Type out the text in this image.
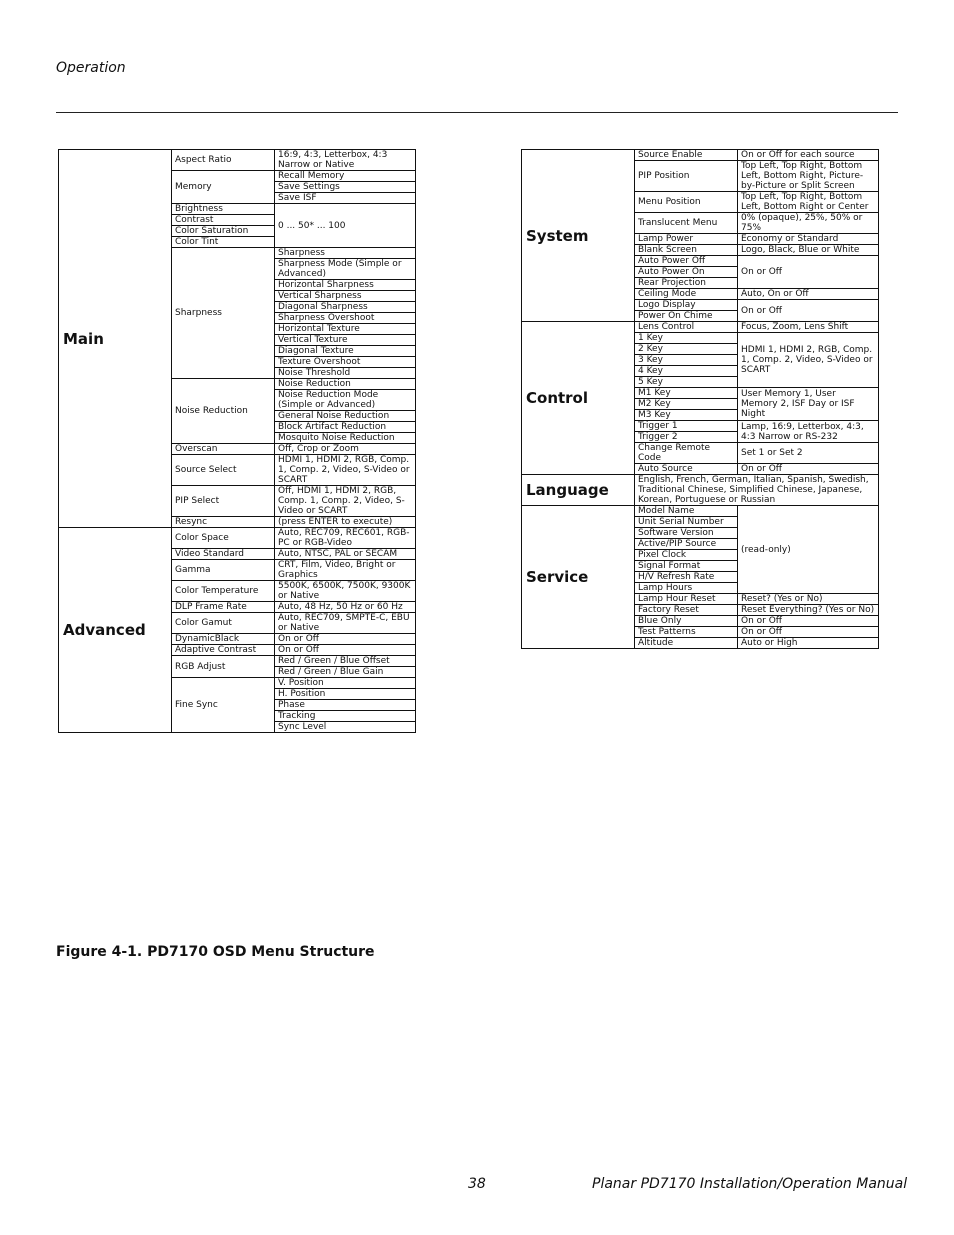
Operation
Main	Aspect Ratio	16:9, 4:3, Letterbox, 4:3 Narrow or Native
	Memory	Recall Memory
		Save Settings
		Save ISF
	Brightness	0 ... 50* ... 100
	Contrast	
	Color Saturation	
	Color Tint	
	Sharpness	Sharpness
		Sharpness Mode (Simple or Advanced)
		Horizontal Sharpness
		Vertical Sharpness
		Diagonal Sharpness
		Sharpness Overshoot
		Horizontal Texture
		Vertical Texture
		Diagonal Texture
		Texture Overshoot
		Noise Threshold
	Noise Reduction	Noise Reduction
		Noise Reduction Mode (Simple or Advanced)
		General Noise Reduction
		Block Artifact Reduction
		Mosquito Noise Reduction
	Overscan	Off, Crop or Zoom
	Source Select	HDMI 1, HDMI 2, RGB, Comp. 1, Comp. 2, Video, S-Video or SCART
	PIP Select	Off, HDMI 1, HDMI 2, RGB, Comp. 1, Comp. 2, Video, S-Video or SCART
	Resync	(press ENTER to execute)
Advanced	Color Space	Auto, REC709, REC601, RGB-PC or RGB-Video
	Video Standard	Auto, NTSC, PAL or SECAM
	Gamma	CRT, Film, Video, Bright or Graphics
	Color Temperature	5500K, 6500K, 7500K, 9300K or Native
	DLP Frame Rate	Auto, 48 Hz, 50 Hz or 60 Hz
	Color Gamut	Auto, REC709, SMPTE-C, EBU or Native
	DynamicBlack	On or Off
	Adaptive Contrast	On or Off
	RGB Adjust	Red / Green / Blue Offset
		Red / Green / Blue Gain
	Fine Sync	V. Position
		H. Position
		Phase
		Tracking
		Sync Level
System	Source Enable	On or Off for each source
	PIP Position	Top Left, Top Right, Bottom Left, Bottom Right, Picture-by-Picture or Split Screen
	Menu Position	Top Left, Top Right, Bottom Left, Bottom Right or Center
	Translucent Menu	0% (opaque), 25%, 50% or 75%
	Lamp Power	Economy or Standard
	Blank Screen	Logo, Black, Blue or White
	Auto Power Off	On or Off
	Auto Power On	
	Rear Projection	
	Ceiling Mode	Auto, On or Off
	Logo Display	On or Off
	Power On Chime	
Control	Lens Control	Focus, Zoom, Lens Shift
	1 Key	HDMI 1, HDMI 2, RGB, Comp. 1, Comp. 2, Video, S-Video or SCART
	2 Key	
	3 Key	
	4 Key	
	5 Key	
	M1 Key	User Memory 1, User Memory 2, ISF Day or ISF Night
	M2 Key	
	M3 Key	
	Trigger 1	Lamp, 16:9, Letterbox, 4:3, 4:3 Narrow or RS-232
	Trigger 2	
	Change Remote Code	Set 1 or Set 2
	Auto Source	On or Off
Language	English, French, German, Italian, Spanish, Swedish, Traditional Chinese, Simplified Chinese, Japanese, Korean, Portuguese or Russian	
Service	Model Name	(read-only)
	Unit Serial Number	
	Software Version	
	Active/PIP Source	
	Pixel Clock	
	Signal Format	
	H/V Refresh Rate	
	Lamp Hours	
	Lamp Hour Reset	Reset? (Yes or No)
	Factory Reset	Reset Everything? (Yes or No)
	Blue Only	On or Off
	Test Patterns	On or Off
	Altitude	Auto or High
Figure 4-1. PD7170 OSD Menu Structure
38	Planar PD7170 Installation/Operation Manual
